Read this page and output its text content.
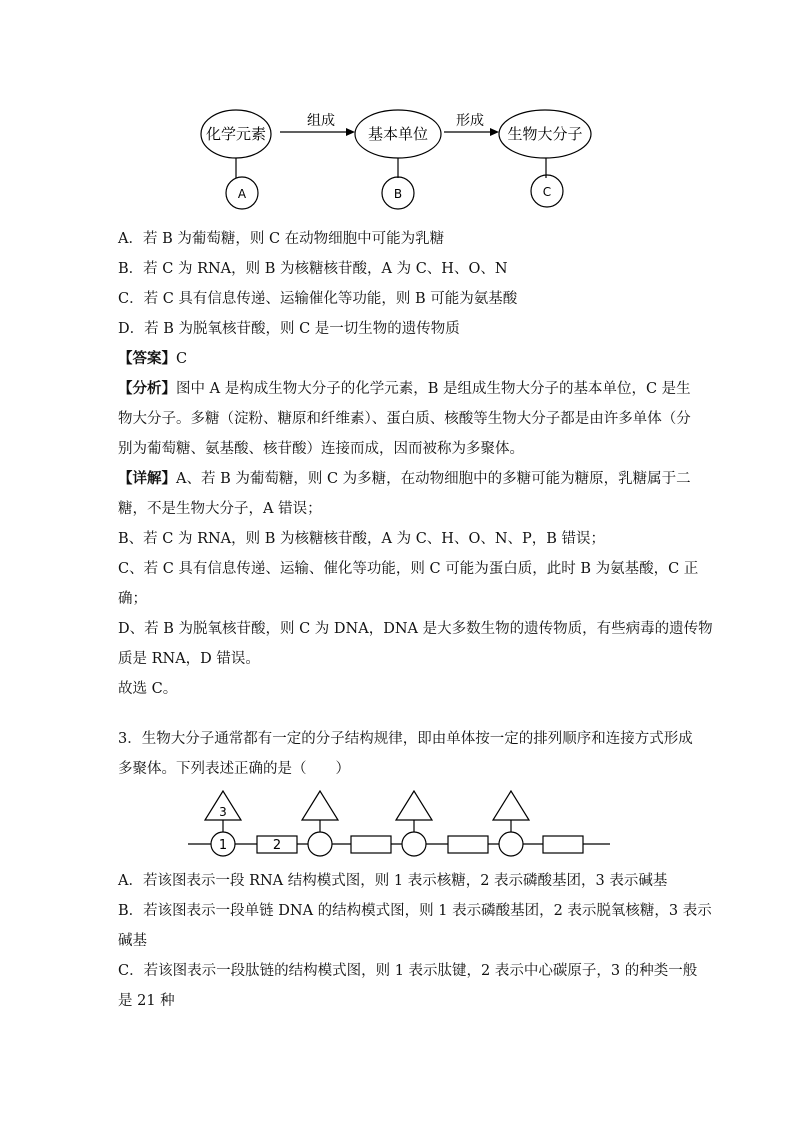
化学元素	基本单位	生物大分子
组成	形成
A	B	C
A．若 B 为葡萄糖，则 C 在动物细胞中可能为乳糖
B．若 C 为 RNA，则 B 为核糖核苷酸，A 为 C、H、O、N
C．若 C 具有信息传递、运输催化等功能，则 B 可能为氨基酸
D．若 B 为脱氧核苷酸，则 C 是一切生物的遗传物质
【答案】C
【分析】图中 A 是构成生物大分子的化学元素，B 是组成生物大分子的基本单位，C 是生
物大分子。多糖（淀粉、糖原和纤维素）、蛋白质、核酸等生物大分子都是由许多单体（分
别为葡萄糖、氨基酸、核苷酸）连接而成，因而被称为多聚体。
【详解】A、若 B 为葡萄糖，则 C 为多糖，在动物细胞中的多糖可能为糖原，乳糖属于二
糖，不是生物大分子，A 错误；
B、若 C 为 RNA，则 B 为核糖核苷酸，A 为 C、H、O、N、P，B 错误；
C、若 C 具有信息传递、运输、催化等功能，则 C 可能为蛋白质，此时 B 为氨基酸，C 正
确；
D、若 B 为脱氧核苷酸，则 C 为 DNA，DNA 是大多数生物的遗传物质，有些病毒的遗传物
质是 RNA，D 错误。
故选 C。
3．生物大分子通常都有一定的分子结构规律，即由单体按一定的排列顺序和连接方式形成
多聚体。下列表述正确的是（　　）
1	2
3
A．若该图表示一段 RNA 结构模式图，则 1 表示核糖，2 表示磷酸基团，3 表示碱基
B．若该图表示一段单链 DNA 的结构模式图，则 1 表示磷酸基团，2 表示脱氧核糖，3 表示
碱基
C．若该图表示一段肽链的结构模式图，则 1 表示肽键，2 表示中心碳原子，3 的种类一般
是 21 种
